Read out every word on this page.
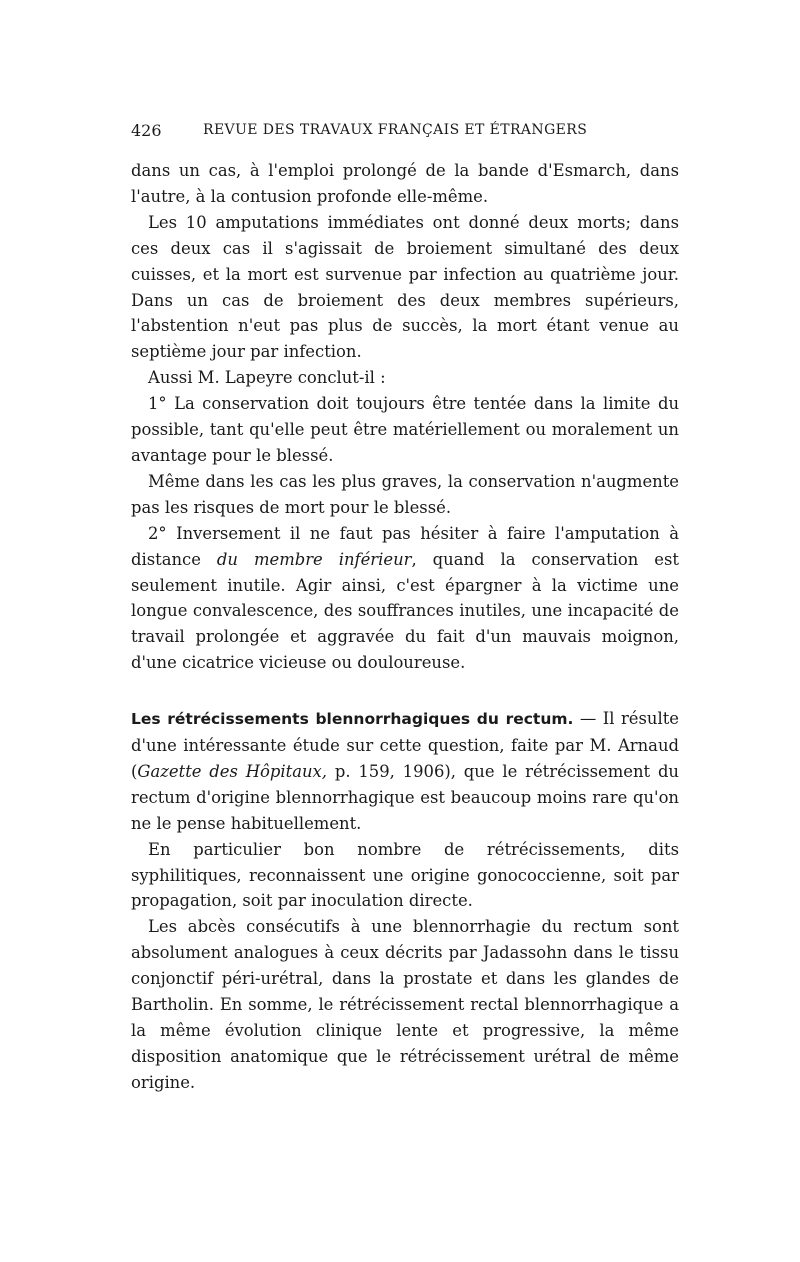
426	REVUE DES TRAVAUX FRANÇAIS ET ÉTRANGERS

dans un cas, à l'emploi prolongé de la bande d'Esmarch, dans l'autre, à la contusion profonde elle-même.

Les 10 amputations immédiates ont donné deux morts; dans ces deux cas il s'agissait de broiement simultané des deux cuisses, et la mort est survenue par infection au quatrième jour. Dans un cas de broiement des deux membres supérieurs, l'abstention n'eut pas plus de succès, la mort étant venue au septième jour par infection.

Aussi M. Lapeyre conclut-il :

1° La conservation doit toujours être tentée dans la limite du possible, tant qu'elle peut être matériellement ou moralement un avantage pour le blessé.

Même dans les cas les plus graves, la conservation n'augmente pas les risques de mort pour le blessé.

2° Inversement il ne faut pas hésiter à faire l'amputation à distance du membre inférieur, quand la conservation est seulement inutile. Agir ainsi, c'est épargner à la victime une longue convalescence, des souffrances inutiles, une incapacité de travail prolongée et aggravée du fait d'un mauvais moignon, d'une cicatrice vicieuse ou douloureuse.

Les rétrécissements blennorrhagiques du rectum. — Il résulte d'une intéressante étude sur cette question, faite par M. Arnaud (Gazette des Hôpitaux, p. 159, 1906), que le rétrécissement du rectum d'origine blennorrhagique est beaucoup moins rare qu'on ne le pense habituellement.

En particulier bon nombre de rétrécissements, dits syphilitiques, reconnaissent une origine gonococcienne, soit par propagation, soit par inoculation directe.

Les abcès consécutifs à une blennorrhagie du rectum sont absolument analogues à ceux décrits par Jadassohn dans le tissu conjonctif péri-urétral, dans la prostate et dans les glandes de Bartholin. En somme, le rétrécissement rectal blennorrhagique a la même évolution clinique lente et progressive, la même disposition anatomique que le rétrécissement urétral de même origine.
